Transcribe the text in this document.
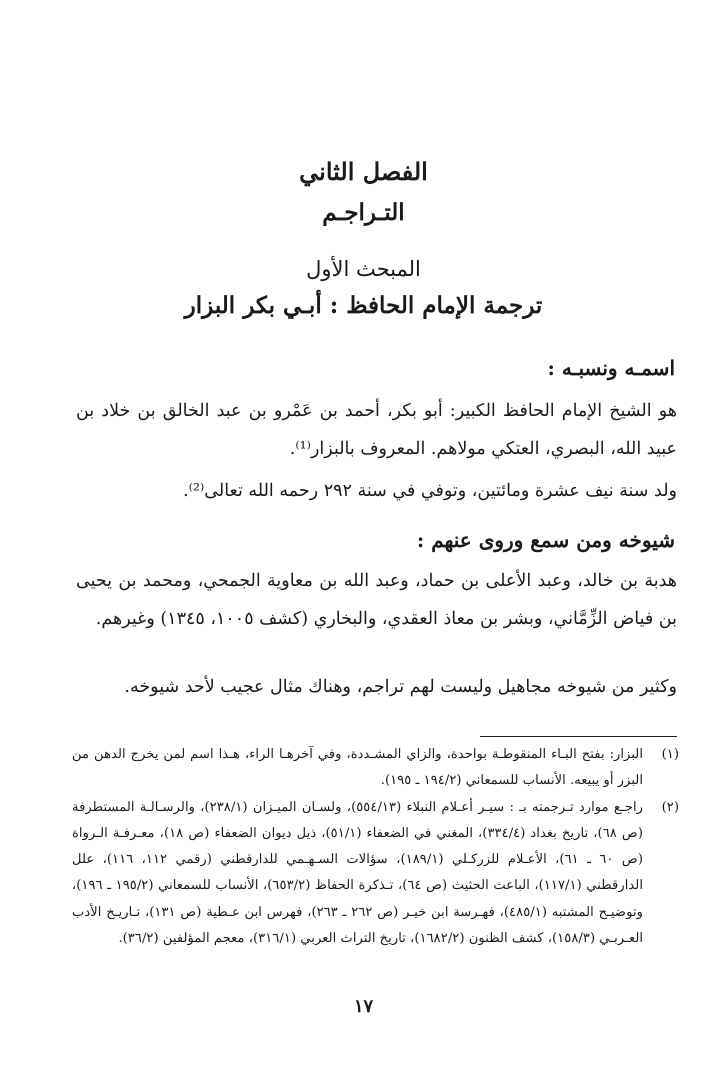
الفصل الثاني
التـراجـم
المبحث الأول
ترجمة الإمام الحافظ : أبـي بكر البزار
اسمـه ونسبـه :
هو الشيخ الإمام الحافظ الكبير: أبو بكر، أحمد بن عَمْرو بن عبد الخالق بن خلاد بن عبيد الله، البصري، العتكي مولاهم. المعروف بالبزار⁽¹⁾.
ولد سنة نيف عشرة ومائتين، وتوفي في سنة ٢٩٢ رحمه الله تعالى⁽²⁾.
شيوخه ومن سمع وروى عنهم :
هدبة بن خالد، وعبد الأعلى بن حماد، وعبد الله بن معاوية الجمحي، ومحمد بن يحيى بن فياض الزِّمَّاني، وبشر بن معاذ العقدي، والبخاري (كشف ١٠٠٥، ١٣٤٥) وغيرهم.
وكثير من شيوخه مجاهيل وليست لهم تراجم، وهناك مثال عجيب لأحد شيوخه.
(١)
البزار: بفتح البـاء المنقوطـة بواحدة، والزاي المشـددة، وفي آخرهـا الراء، هـذا اسم لمن يخرج الدهن من البزر أو يبيعه. الأنساب للسمعاني (١٩٤/٢ ـ ١٩٥).
(٢)
راجـع موارد تـرجمته بـ : سيـر أعـلام النبلاء (٥٥٤/١٣)، ولسـان الميـزان (٢٣٨/١)، والرسـالـة المستطرفة (ص ٦٨)، تاريخ بغداد (٣٣٤/٤)، المغني في الضعفاء (٥١/١)، ذيل ديوان الضعفاء (ص ١٨)، معـرفـة الـرواة (ص ٦٠ ـ ٦١)، الأعـلام للزركـلي (١٨٩/١)، سؤالات السـهـمي للدارقطني (رقمي ١١٢، ١١٦)، علل الدارقطني (١١٧/١)، الباعث الحثيث (ص ٦٤)، تـذكرة الحفاظ (٦٥٣/٢)، الأنساب للسمعاني (١٩٥/٢ ـ ١٩٦)، وتوضيـح المشتبه (٤٨٥/١)، فهـرسة ابن خيـر (ص ٢٦٢ ـ ٢٦٣)، فهرس ابن عـطية (ص ١٣١)، تـاريـخ الأدب العـربـي (١٥٨/٣)، كشف الظنون (١٦٨٢/٢)، تاريخ التراث العربي (٣١٦/١)، معجم المؤلفين (٣٦/٢).
١٧
